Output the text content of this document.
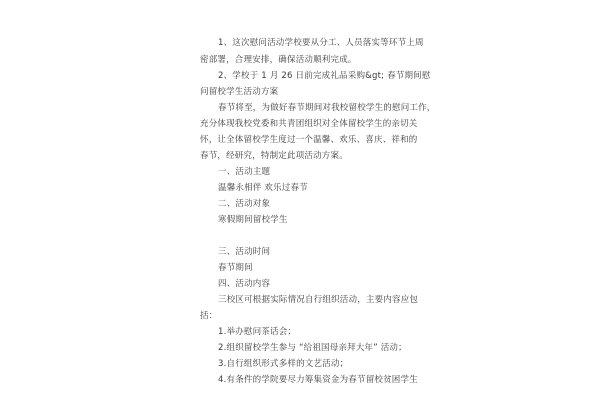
1、这次慰问活动学校要从分工、人员落实等环节上周
密部署，合理安排，确保活动顺利完成。
2、学校于 1 月 26 日前完成礼品采购&gt; 春节期间慰
问留校学生活动方案
春节将至，为做好春节期间对我校留校学生的慰问工作，
充分体现我校党委和共青团组织对全体留校学生的亲切关
怀，让全体留校学生度过一个温馨、欢乐、喜庆、祥和的
春节，经研究，特制定此项活动方案。
一、活动主题
温馨永相伴 欢乐过春节
二、活动对象
寒假期间留校学生
三、活动时间
春节期间
四、活动内容
三校区可根据实际情况自行组织活动，主要内容应包
括：
1.举办慰问茶话会；
2.组织留校学生参与 “给祖国母亲拜大年” 活动；
3.自行组织形式多样的文艺活动；
4.有条件的学院要尽力筹集资金为春节留校贫困学生
